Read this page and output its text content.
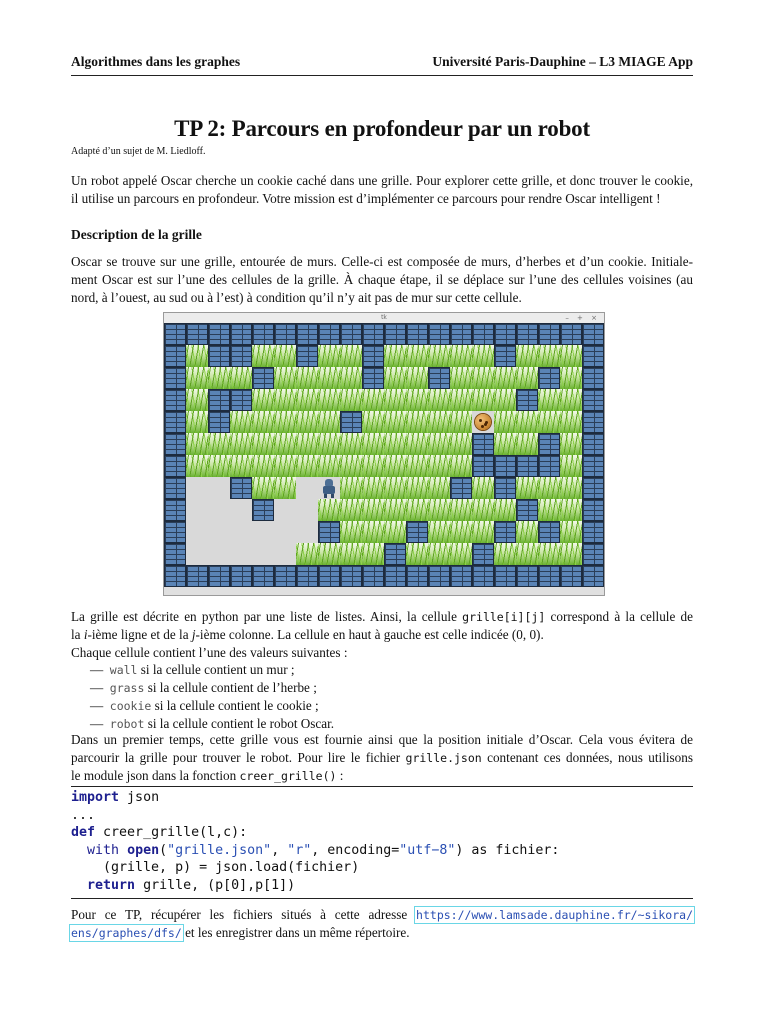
Algorithmes dans les graphes	Université Paris-Dauphine – L3 MIAGE App
TP 2: Parcours en profondeur par un robot
Adapté d’un sujet de M. Liedloff.
Un robot appelé Oscar cherche un cookie caché dans une grille. Pour explorer cette grille, et donc trouver le cookie,
il utilise un parcours en profondeur. Votre mission est d’implémenter ce parcours pour rendre Oscar intelligent !
Description de la grille
Oscar se trouve sur une grille, entourée de murs. Celle-ci est composée de murs, d’herbes et d’un cookie. Initiale-
ment Oscar est sur l’une des cellules de la grille. À chaque étape, il se déplace sur l’une des cellules voisines (au
nord, à l’ouest, au sud ou à l’est) à condition qu’il n’y ait pas de mur sur cette cellule.
tk	– + ×
La grille est décrite en python par une liste de listes. Ainsi, la cellule grille[i][j] correspond à la cellule de
la i-ième ligne et de la j-ième colonne. La cellule en haut à gauche est celle indicée (0, 0).
Chaque cellule contient l’une des valeurs suivantes :
— wall si la cellule contient un mur ;
— grass si la cellule contient de l’herbe ;
— cookie si la cellule contient le cookie ;
— robot si la cellule contient le robot Oscar.
Dans un premier temps, cette grille vous est fournie ainsi que la position initiale d’Oscar. Cela vous évitera de
parcourir la grille pour trouver le robot. Pour lire le fichier grille.json contenant ces données, nous utilisons
le module json dans la fonction creer_grille() :
import json
...
def creer_grille(l,c):
with open("grille.json", "r", encoding="utf−8") as fichier:
(grille, p) = json.load(fichier)
return grille, (p[0],p[1])
Pour ce TP, récupérer les fichiers situés à cette adresse https://www.lamsade.dauphine.fr/~sikora/
ens/graphes/dfs/ et les enregistrer dans un même répertoire.
